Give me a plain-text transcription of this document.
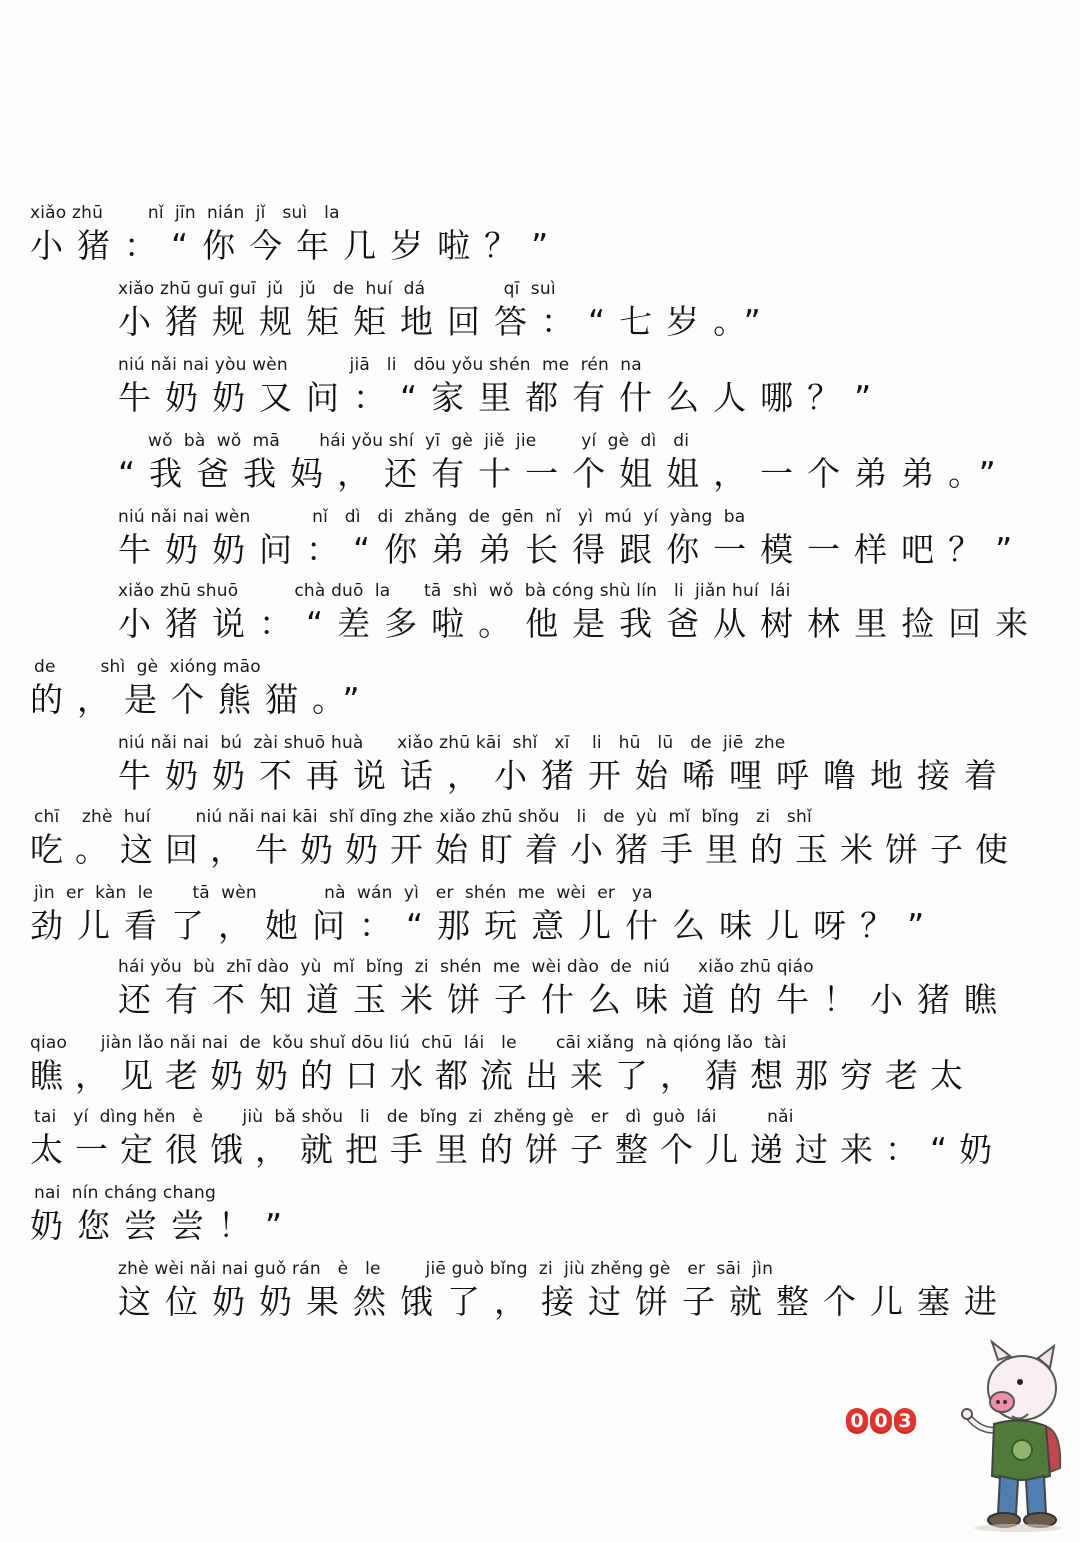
xiǎo zhū        nǐ  jīn  nián  jǐ   suì   la
小猪：“你今年几岁啦？”
xiǎo zhū guī guī  jǔ   jǔ   de  huí  dá              qī  suì
小猪规规矩矩地回答：“七岁。”
niú nǎi nai yòu wèn           jiā   li   dōu yǒu shén  me  rén  na
牛奶奶又问：“家里都有什么人哪？”
wǒ  bà  wǒ  mā       hái yǒu shí  yī  gè  jiě  jie        yí  gè  dì   di
“我爸我妈，还有十一个姐姐，一个弟弟。”
niú nǎi nai wèn           nǐ   dì   di  zhǎng  de  gēn  nǐ   yì  mú  yí  yàng  ba
牛奶奶问：“你弟弟长得跟你一模一样吧？”
xiǎo zhū shuō          chà duō  la      tā  shì  wǒ  bà cóng shù lín   li  jiǎn huí  lái
小猪说：“差多啦。他是我爸从树林里捡回来
de        shì  gè  xióng māo
的，是个熊猫。”
niú nǎi nai  bú  zài shuō huà      xiǎo zhū kāi  shǐ   xī    li   hū   lū   de  jiē  zhe
牛奶奶不再说话，小猪开始唏哩呼噜地接着
chī    zhè  huí        niú nǎi nai kāi  shǐ dīng zhe xiǎo zhū shǒu   li   de  yù  mǐ  bǐng   zi   shǐ
吃。这回，牛奶奶开始盯着小猪手里的玉米饼子使
jìn  er  kàn  le       tā  wèn            nà  wán  yì   er  shén  me  wèi  er   ya
劲儿看了，她问：“那玩意儿什么味儿呀？”
hái yǒu  bù  zhī dào  yù  mǐ  bǐng  zi  shén  me  wèi dào  de  niú     xiǎo zhū qiáo
还有不知道玉米饼子什么味道的牛！小猪瞧
qiao      jiàn lǎo nǎi nai  de  kǒu shuǐ dōu liú  chū  lái   le       cāi xiǎng  nà qióng lǎo  tài
瞧，见老奶奶的口水都流出来了，猜想那穷老太
tai   yí  dìng hěn   è       jiù  bǎ shǒu   li   de  bǐng  zi  zhěng gè   er   dì  guò  lái         nǎi
太一定很饿，就把手里的饼子整个儿递过来：“奶
nai  nín cháng chang
奶您尝尝！”
zhè wèi nǎi nai guǒ rán   è   le        jiē guò bǐng  zi  jiù zhěng gè   er  sāi  jìn
这位奶奶果然饿了，接过饼子就整个儿塞进
0 0 3
